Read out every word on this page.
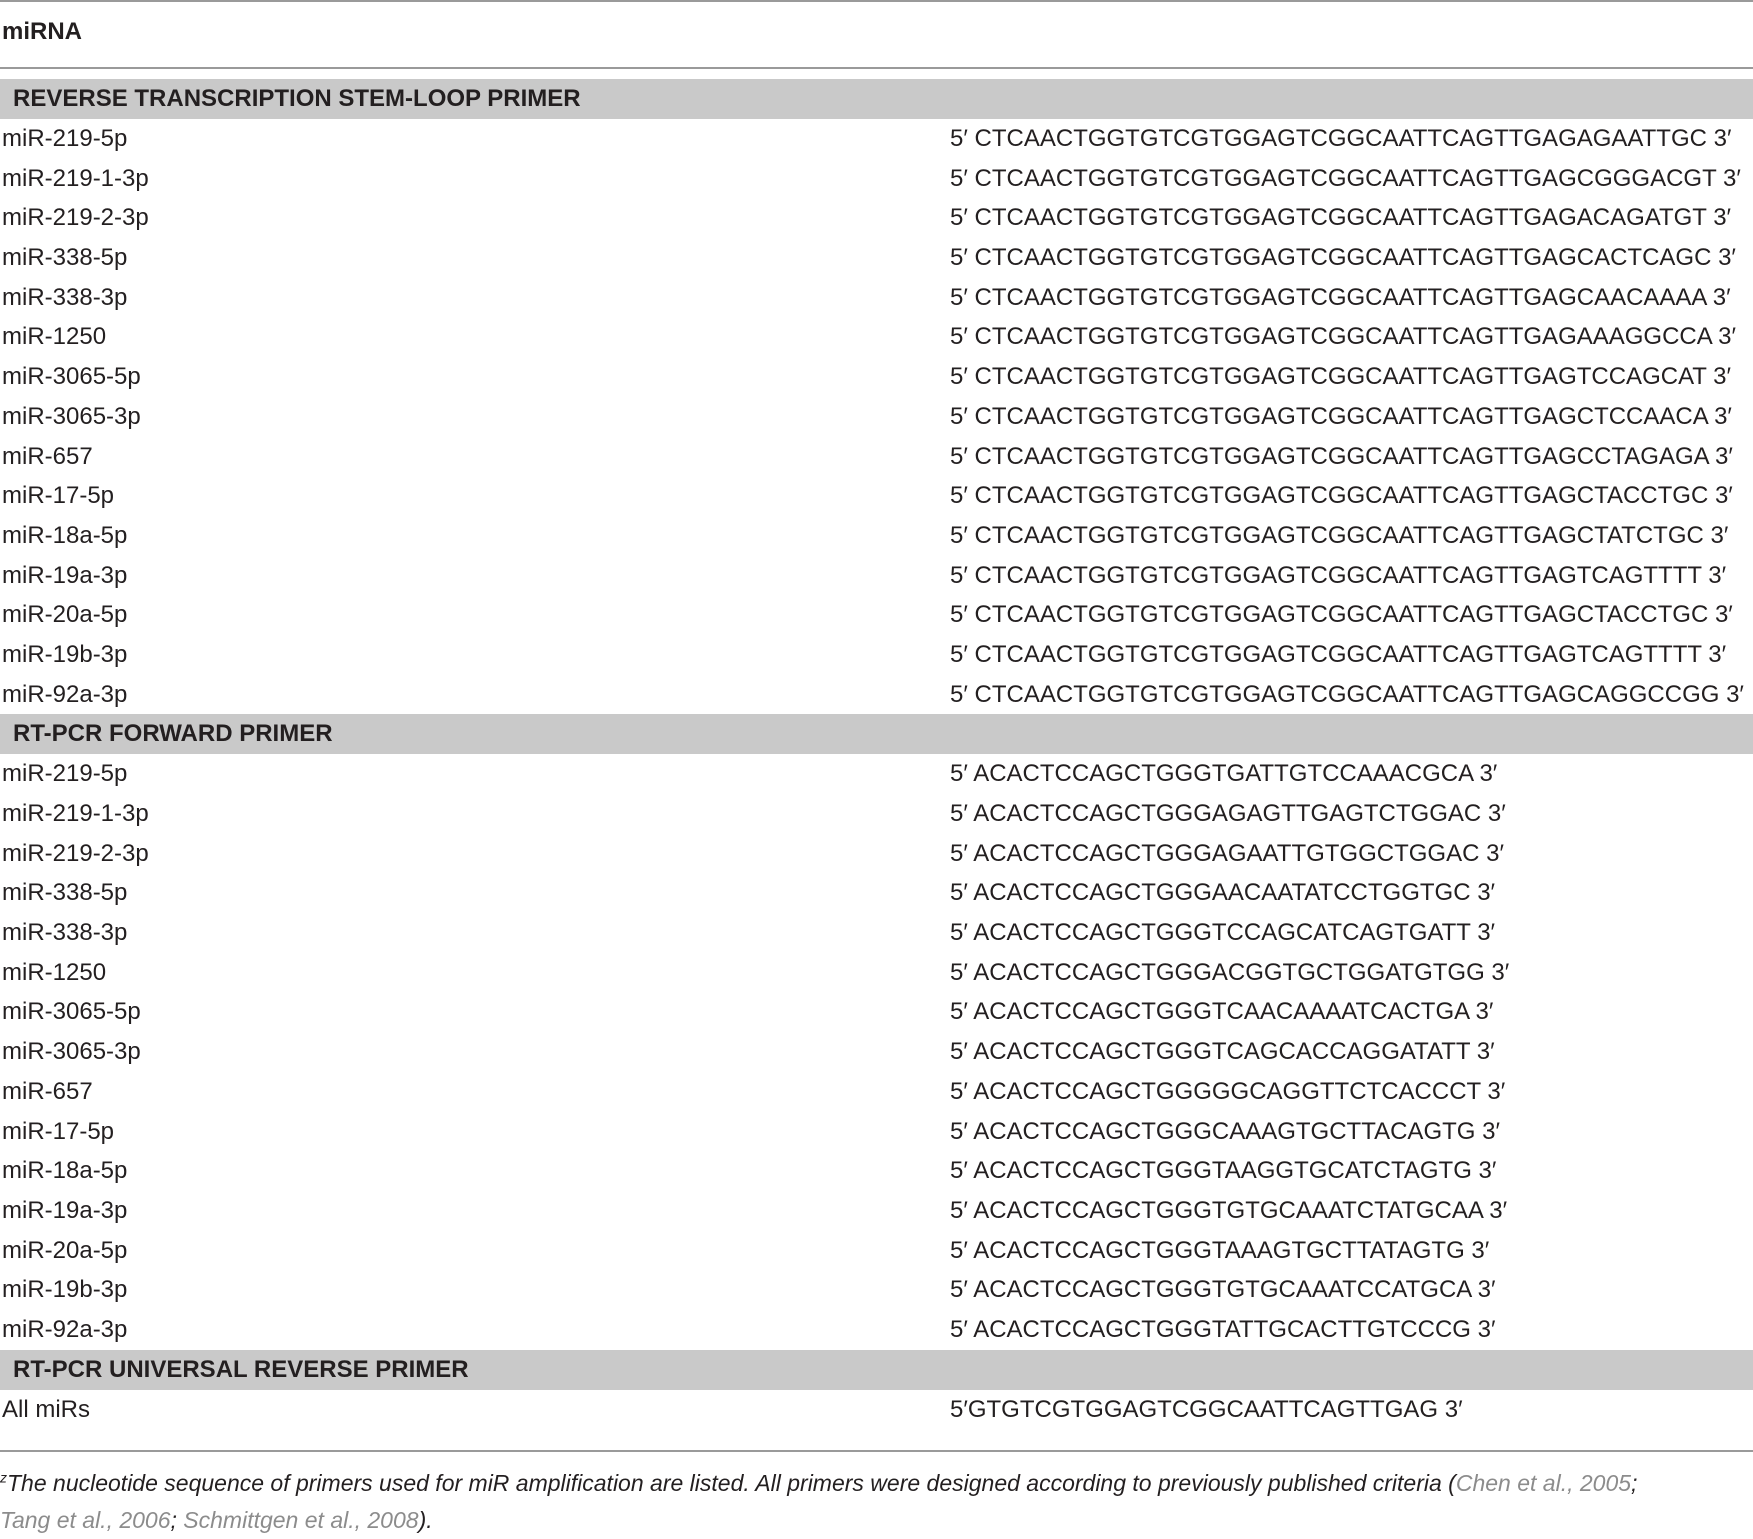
miRNA
REVERSE TRANSCRIPTION STEM-LOOP PRIMER
miR-219-5p	5′ CTCAACTGGTGTCGTGGAGTCGGCAATTCAGTTGAGAGAATTGC 3′
miR-219-1-3p	5′ CTCAACTGGTGTCGTGGAGTCGGCAATTCAGTTGAGCGGGACGT 3′
miR-219-2-3p	5′ CTCAACTGGTGTCGTGGAGTCGGCAATTCAGTTGAGACAGATGT 3′
miR-338-5p	5′ CTCAACTGGTGTCGTGGAGTCGGCAATTCAGTTGAGCACTCAGC 3′
miR-338-3p	5′ CTCAACTGGTGTCGTGGAGTCGGCAATTCAGTTGAGCAACAAAA 3′
miR-1250	5′ CTCAACTGGTGTCGTGGAGTCGGCAATTCAGTTGAGAAAGGCCA 3′
miR-3065-5p	5′ CTCAACTGGTGTCGTGGAGTCGGCAATTCAGTTGAGTCCAGCAT 3′
miR-3065-3p	5′ CTCAACTGGTGTCGTGGAGTCGGCAATTCAGTTGAGCTCCAACA 3′
miR-657	5′ CTCAACTGGTGTCGTGGAGTCGGCAATTCAGTTGAGCCTAGAGA 3′
miR-17-5p	5′ CTCAACTGGTGTCGTGGAGTCGGCAATTCAGTTGAGCTACCTGC 3′
miR-18a-5p	5′ CTCAACTGGTGTCGTGGAGTCGGCAATTCAGTTGAGCTATCTGC 3′
miR-19a-3p	5′ CTCAACTGGTGTCGTGGAGTCGGCAATTCAGTTGAGTCAGTTTT 3′
miR-20a-5p	5′ CTCAACTGGTGTCGTGGAGTCGGCAATTCAGTTGAGCTACCTGC 3′
miR-19b-3p	5′ CTCAACTGGTGTCGTGGAGTCGGCAATTCAGTTGAGTCAGTTTT 3′
miR-92a-3p	5′ CTCAACTGGTGTCGTGGAGTCGGCAATTCAGTTGAGCAGGCCGG 3′
RT-PCR FORWARD PRIMER
miR-219-5p	5′ ACACTCCAGCTGGGTGATTGTCCAAACGCA 3′
miR-219-1-3p	5′ ACACTCCAGCTGGGAGAGTTGAGTCTGGAC 3′
miR-219-2-3p	5′ ACACTCCAGCTGGGAGAATTGTGGCTGGAC 3′
miR-338-5p	5′ ACACTCCAGCTGGGAACAATATCCTGGTGC 3′
miR-338-3p	5′ ACACTCCAGCTGGGTCCAGCATCAGTGATT 3′
miR-1250	5′ ACACTCCAGCTGGGACGGTGCTGGATGTGG 3′
miR-3065-5p	5′ ACACTCCAGCTGGGTCAACAAAATCACTGA 3′
miR-3065-3p	5′ ACACTCCAGCTGGGTCAGCACCAGGATATT 3′
miR-657	5′ ACACTCCAGCTGGGGGCAGGTTCTCACCCT 3′
miR-17-5p	5′ ACACTCCAGCTGGGCAAAGTGCTTACAGTG 3′
miR-18a-5p	5′ ACACTCCAGCTGGGTAAGGTGCATCTAGTG 3′
miR-19a-3p	5′ ACACTCCAGCTGGGTGTGCAAATCTATGCAA 3′
miR-20a-5p	5′ ACACTCCAGCTGGGTAAAGTGCTTATAGTG 3′
miR-19b-3p	5′ ACACTCCAGCTGGGTGTGCAAATCCATGCA 3′
miR-92a-3p	5′ ACACTCCAGCTGGGTATTGCACTTGTCCCG 3′
RT-PCR UNIVERSAL REVERSE PRIMER
All miRs	5′GTGTCGTGGAGTCGGCAATTCAGTTGAG 3′
$^z$The nucleotide sequence of primers used for miR amplification are listed. All primers were designed according to previously published criteria (Chen et al., 2005;
Tang et al., 2006; Schmittgen et al., 2008).
